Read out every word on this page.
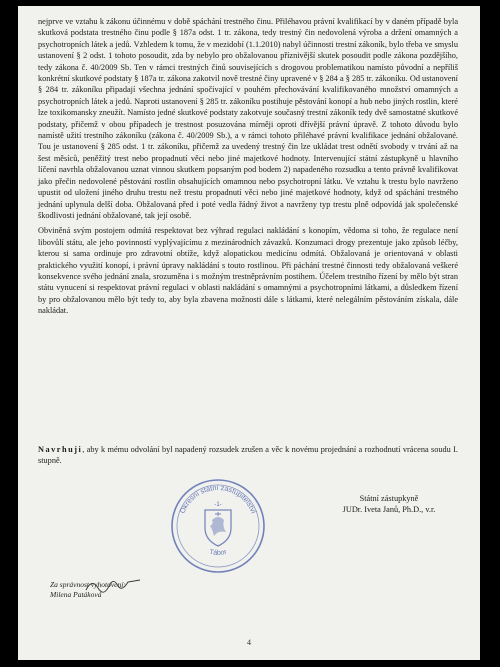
nejprve ve vztahu k zákonu účinnému v době spáchání trestného činu. Přiléhavou právní kvalifikací by v daném případě byla skutková podstata trestného činu podle § 187a odst. 1 tr. zákona, tedy trestný čin nedovolená výroba a držení omamných a psychotropních látek a jedů. Vzhledem k tomu, že v mezidobí (1.1.2010) nabyl účinnosti trestní zákoník, bylo třeba ve smyslu ustanovení § 2 odst. 1 tohoto posoudit, zda by nebylo pro obžalovanou příznivější skutek posoudit podle zákona pozdějšího, tedy zákona č. 40/2009 Sb. Ten v rámci trestných činů souvisejících s drogovou problematikou namísto původní a nepříliš konkrétní skutkové podstaty § 187a tr. zákona zakotvil nově trestné činy upravené v § 284 a § 285 tr. zákoníku. Od ustanovení § 284 tr. zákoníku připadají všechna jednání spočívající v pouhém přechovávání kvalifikovaného množství omamných a psychotropních látek a jedů. Naproti ustanovení § 285 tr. zákoníku postihuje pěstování konopí a hub nebo jiných rostlin, které lze toxikomansky zneužít. Namísto jedné skutkové podstaty zakotvuje současný trestní zákoník tedy dvě samostatné skutkové podstaty, přičemž v obou případech je trestnost posuzována mírněji oproti dřívější právní úpravě. Z tohoto důvodu bylo namístě užití trestního zákoníku (zákona č. 40/2009 Sb.), a v rámci tohoto přiléhavé právní kvalifikace jednání obžalované. Tou je ustanovení § 285 odst. 1 tr. zákoníku, přičemž za uvedený trestný čin lze ukládat trest odnětí svobody v trvání až na šest měsíců, peněžitý trest nebo propadnutí věci nebo jiné majetkové hodnoty. Intervenující státní zástupkyně u hlavního líčení navrhla obžalovanou uznat vinnou skutkem popsaným pod bodem 2) napadeného rozsudku a tento právně kvalifikovat jako přečin nedovolené pěstování rostlin obsahujících omamnou nebo psychotropní látku. Ve vztahu k trestu bylo navrženo upustit od uložení jiného druhu trestu než trestu propadnutí věci nebo jiné majetkové hodnoty, když od spáchání trestného jednání uplynula delší doba. Obžalovaná před i poté vedla řádný život a navrženy typ trestu plně odpovídá jak společenské škodlivosti jednání obžalované, tak její osobě.

Obviněná svým postojem odmítá respektovat bez výhrad regulaci nakládání s konopím, vědoma si toho, že regulace není libovůlí státu, ale jeho povinností vyplývajícímu z mezinárodních závazků. Konzumaci drogy prezentuje jako způsob léčby, kterou si sama ordinuje pro zdravotní obtíže, když alopatickou medicínu odmítá. Obžalovaná je orientovaná v oblasti praktického využití konopí, i právní úpravy nakládání s touto rostlinou. Při páchání trestné činnosti tedy obžalovaná veškeré konsekvence svého jednání znala, srozuměna i s možným trestněprávním postihem. Účelem trestního řízení by mělo být stran státu vynucení si respektovat právní regulaci v oblasti nakládání s omamnými a psychotropními látkami, a důsledkem řízení by pro obžalovanou mělo být tedy to, aby byla zbavena možnosti dále s látkami, které nelegálním pěstováním získala, dále nakládat.

Navrhuji, aby k mému odvolání byl napadený rozsudek zrušen a věc k novému projednání a rozhodnutí vrácena soudu I. stupně.
Okresní státní zastupitelství
Tábor
-1-
Státní zástupkyně
JUDr. Iveta Janů, Ph.D., v.r.
Za správnost vyhotovení:
Milena Patáková
4
